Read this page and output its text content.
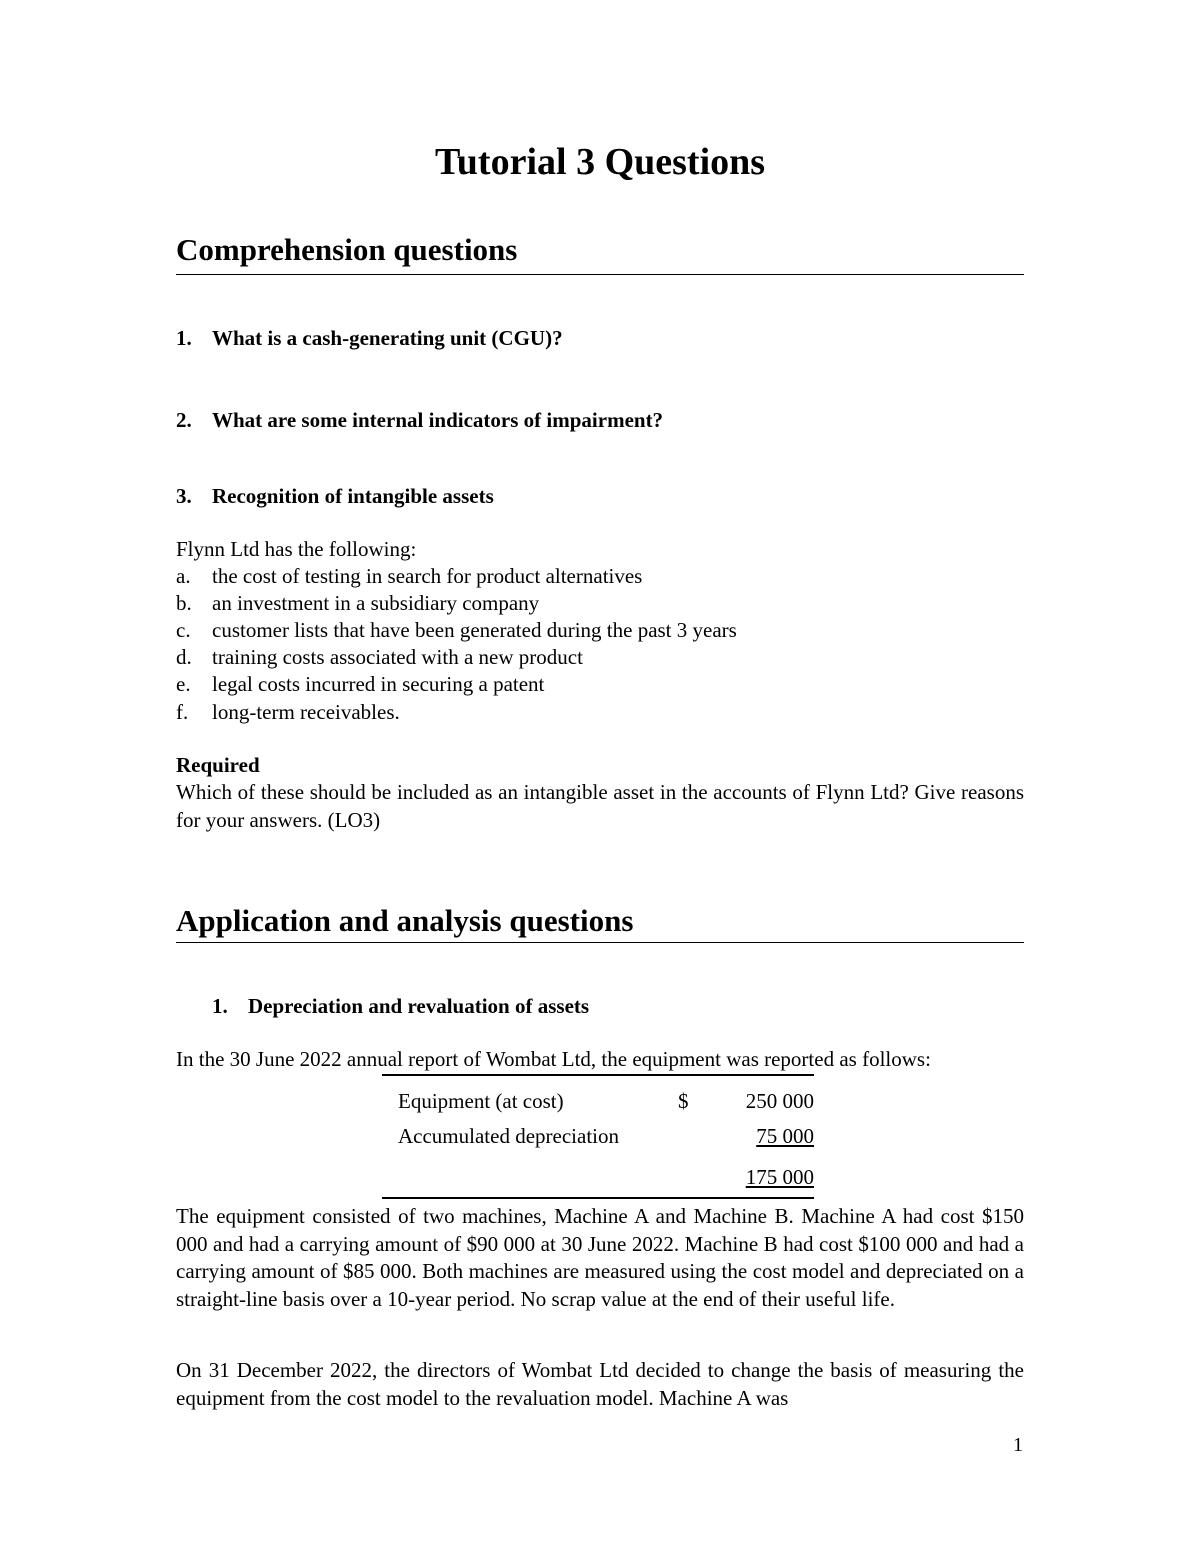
Tutorial 3 Questions
Comprehension questions
1. What is a cash-generating unit (CGU)?
2. What are some internal indicators of impairment?
3. Recognition of intangible assets
Flynn Ltd has the following:
a. the cost of testing in search for product alternatives
b. an investment in a subsidiary company
c. customer lists that have been generated during the past 3 years
d. training costs associated with a new product
e. legal costs incurred in securing a patent
f. long-term receivables.
Required
Which of these should be included as an intangible asset in the accounts of Flynn Ltd? Give reasons for your answers. (LO3)
Application and analysis questions
1. Depreciation and revaluation of assets
In the 30 June 2022 annual report of Wombat Ltd, the equipment was reported as follows:
Equipment (at cost)	$	250 000
Accumulated depreciation	75 000
175 000
The equipment consisted of two machines, Machine A and Machine B. Machine A had cost $150 000 and had a carrying amount of $90 000 at 30 June 2022. Machine B had cost $100 000 and had a carrying amount of $85 000. Both machines are measured using the cost model and depreciated on a straight-line basis over a 10-year period. No scrap value at the end of their useful life.
On 31 December 2022, the directors of Wombat Ltd decided to change the basis of measuring the equipment from the cost model to the revaluation model. Machine A was
1
